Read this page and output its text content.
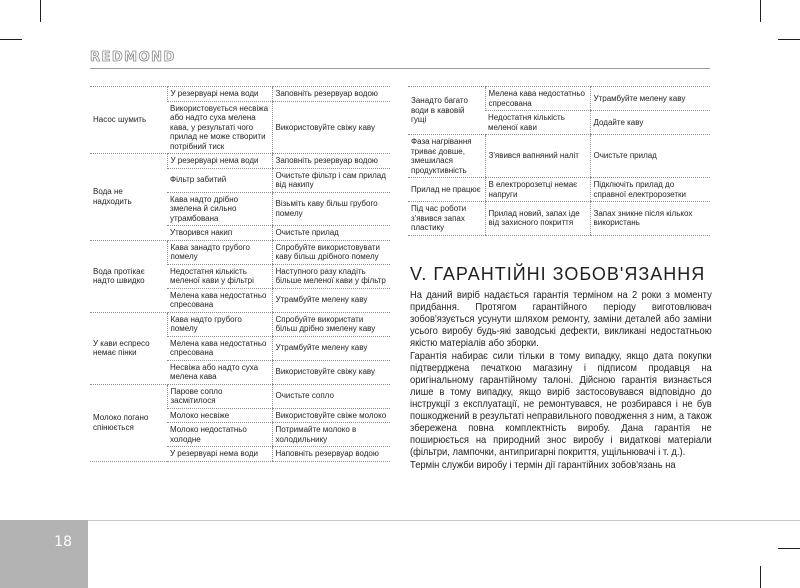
REDMOND
Насос шумить	У резервуарі нема води	Заповніть резервуар водою
	Використовується несвіжа або надто суха мелена кава, у результаті чого прилад не може створити потрібний тиск	Використовуйте свіжу каву
Вода не надходить	У резервуарі нема води	Заповніть резервуар водою
	Фільтр забитий	Очистьте фільтр і сам прилад від накипу
	Кава надто дрібно змелена й сильно утрамбована	Візьміть каву більш грубого помелу
	Утворився накип	Очистьте прилад
Вода протікає надто швидко	Кава занадто грубого помелу	Спробуйте використовувати каву більш дрібного помелу
	Недостатня кількість меленої кави у фільтрі	Наступного разу кладіть більше меленої кави у фільтр
	Мелена кава недостатньо спресована	Утрамбуйте мелену каву
У кави еспресо немає пінки	Кава надто грубого помелу	Спробуйте використати більш дрібно змелену каву
	Мелена кава недостатньо спресована	Утрамбуйте мелену каву
	Несвіжа або надто суха мелена кава	Використовуйте свіжу каву
Молоко погано спінюється	Парове сопло засмітилося	Очистьте сопло
	Молоко несвіже	Використовуйте свіже молоко
	Молоко недостатньо холодне	Потримайте молоко в холодильнику
	У резервуарі нема води	Наповніть резервуар водою
Занадто багато води в кавовій гущі	Мелена кава недостатньо спресована	Утрамбуйте мелену каву
	Недостатня кількість меленої кави	Додайте каву
Фаза нагрівання триває довше, змешилася продуктивність	З'явився вапняний наліт	Очистьте прилад
Прилад не працює	В електророзетці немає напруги	Підключіть прилад до справної електророзетки
Під час роботи з'явився запах пластику	Прилад новий, запах іде від захисного покриття	Запах зникне після кількох використань
V. ГАРАНТІЙНІ ЗОБОВ'ЯЗАННЯ

На даний виріб надається гарантія терміном на 2 роки з моменту придбання. Протягом гарантійного періоду виготовлювач зобов'язується усунути шляхом ремонту, заміни деталей або заміни усього виробу будь-які заводські дефекти, викликані недостатньою якістю матеріалів або зборки.

Гарантія набирає сили тільки в тому випадку, якщо дата покупки підтверджена печаткою магазину і підписом продавця на оригінальному гарантійному талоні. Дійсною гарантія визнається лише в тому випадку, якщо виріб застосовувався відповідно до інструкції з експлуатації, не ремонтувався, не розбирався і не був пошкоджений в результаті неправильного поводження з ним, а також збережена повна комплектність виробу. Дана гарантія не поширюється на природний знос виробу і видаткові матеріали (фільтри, лампочки, антипригарні покриття, ущільнювачі і т. д.).

Термін служби виробу і термін дії гарантійних зобов'язань на

18
